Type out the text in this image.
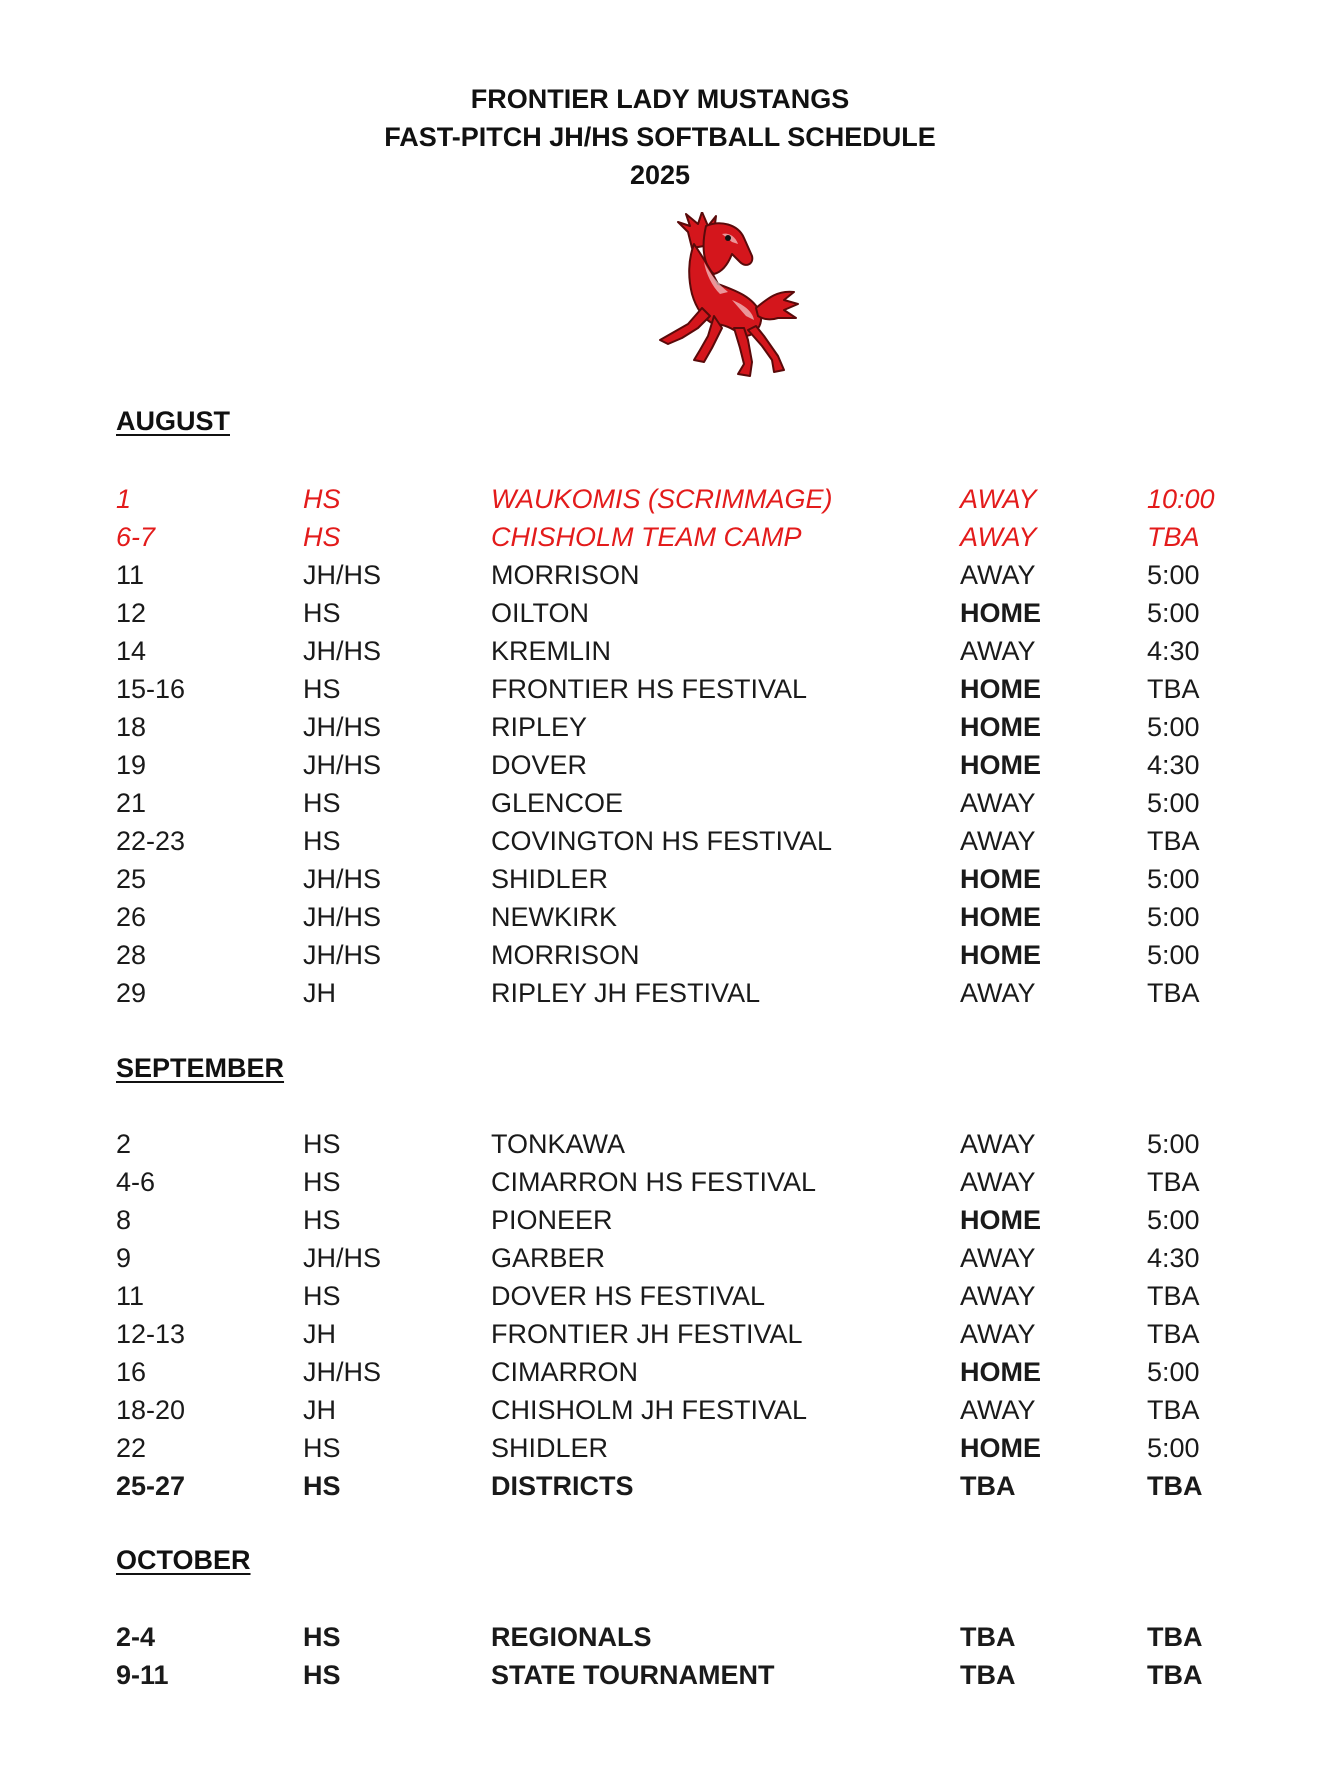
FRONTIER LADY MUSTANGS
FAST-PITCH JH/HS SOFTBALL SCHEDULE
2025
AUGUST
1	HS	WAUKOMIS (SCRIMMAGE)	AWAY	10:00
6-7	HS	CHISHOLM TEAM CAMP	AWAY	TBA
11	JH/HS	MORRISON	AWAY	5:00
12	HS	OILTON	HOME	5:00
14	JH/HS	KREMLIN	AWAY	4:30
15-16	HS	FRONTIER HS FESTIVAL	HOME	TBA
18	JH/HS	RIPLEY	HOME	5:00
19	JH/HS	DOVER	HOME	4:30
21	HS	GLENCOE	AWAY	5:00
22-23	HS	COVINGTON HS FESTIVAL	AWAY	TBA
25	JH/HS	SHIDLER	HOME	5:00
26	JH/HS	NEWKIRK	HOME	5:00
28	JH/HS	MORRISON	HOME	5:00
29	JH	RIPLEY JH FESTIVAL	AWAY	TBA
SEPTEMBER
2	HS	TONKAWA	AWAY	5:00
4-6	HS	CIMARRON HS FESTIVAL	AWAY	TBA
8	HS	PIONEER	HOME	5:00
9	JH/HS	GARBER	AWAY	4:30
11	HS	DOVER HS FESTIVAL	AWAY	TBA
12-13	JH	FRONTIER JH FESTIVAL	AWAY	TBA
16	JH/HS	CIMARRON	HOME	5:00
18-20	JH	CHISHOLM JH FESTIVAL	AWAY	TBA
22	HS	SHIDLER	HOME	5:00
25-27	HS	DISTRICTS	TBA	TBA
OCTOBER
2-4	HS	REGIONALS	TBA	TBA
9-11	HS	STATE TOURNAMENT	TBA	TBA
